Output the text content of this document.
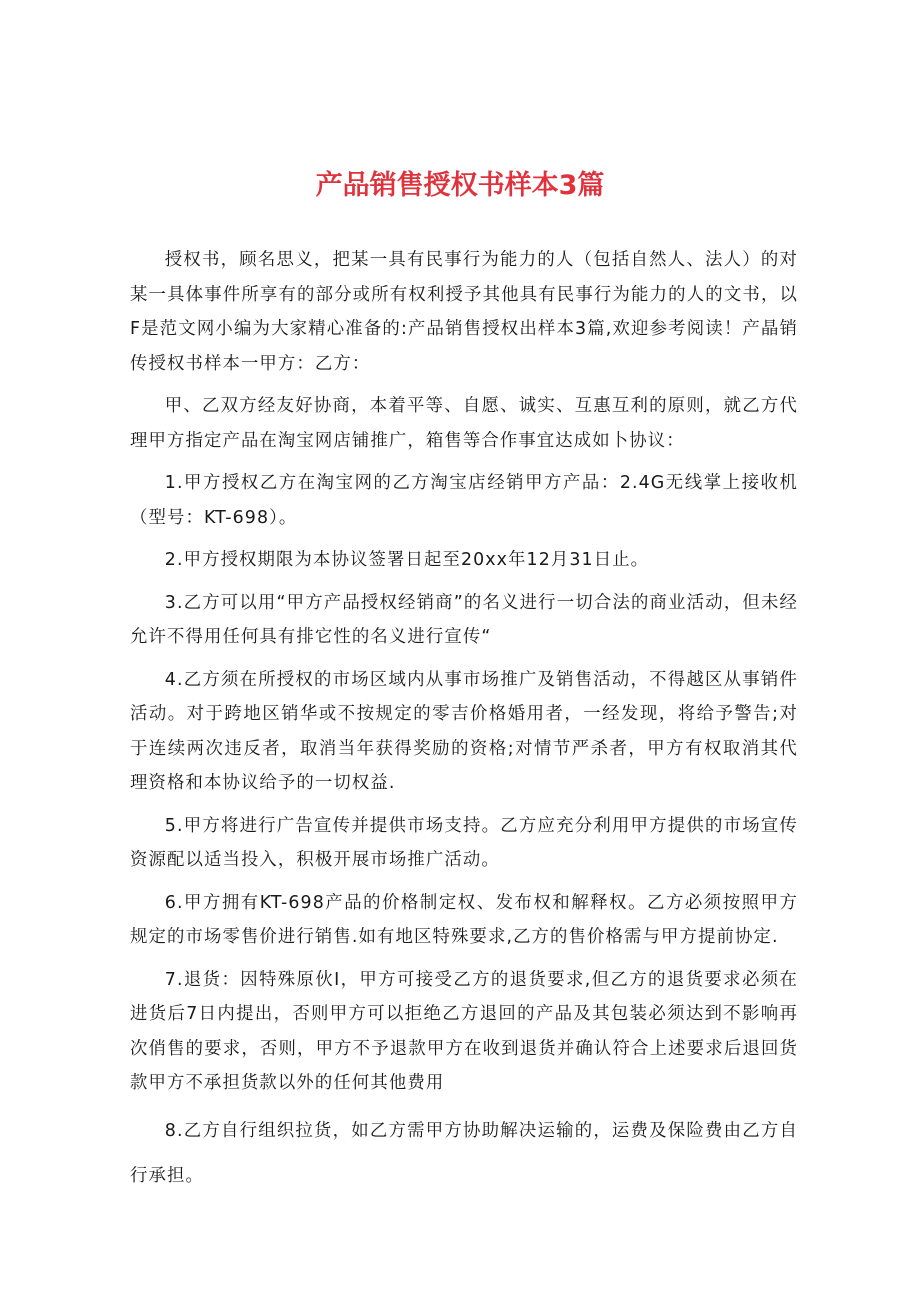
产品销售授权书样本3篇

授权书，顾名思义，把某一具有民事行为能力的人（包括自然人、法人）的对某一具体事件所享有的部分或所有权利授予其他具有民事行为能力的人的文书，以F是范文网小编为大家精心准备的:产品销售授权出样本3篇,欢迎参考阅读！产晶销传授权书样本一甲方：乙方：

甲、乙双方经友好协商，本着平等、自愿、诚实、互惠互利的原则，就乙方代理甲方指定产品在淘宝网店铺推广，箱售等合作事宜达成如卜协议：

1.甲方授权乙方在淘宝网的乙方淘宝店经销甲方产品：2.4G无线掌上接收机（型号：KT-698）。

2.甲方授权期限为本协议签署日起至20xx年12月31日止。

3.乙方可以用“甲方产品授权经销商”的名义进行一切合法的商业活动，但未经允许不得用任何具有排它性的名义进行宣传“

4.乙方须在所授权的市场区域内从事市场推广及销售活动，不得越区从事销件活动。对于跨地区销华或不按规定的零吉价格婚用者，一经发现，将给予警告;对于连续两次违反者，取消当年获得奖励的资格;对情节严杀者，甲方有权取消其代理资格和本协议给予的一切权益.

5.甲方将进行广告宣传并提供市场支持。乙方应充分利用甲方提供的市场宣传资源配以适当投入，积极开展市场推广活动。

6.甲方拥有KT-698产品的价格制定权、发布权和解释权。乙方必须按照甲方规定的市场零售价进行销售.如有地区特殊要求,乙方的售价格需与甲方提前协定.

7.退货：因特殊原伙I，甲方可接受乙方的退货要求,但乙方的退货要求必须在进货后7日内提出，否则甲方可以拒绝乙方退回的产品及其包装必须达到不影响再次俏售的要求，否则，甲方不予退款甲方在收到退货并确认符合上述要求后退回货款甲方不承担货款以外的任何其他费用

8.乙方自行组织拉货，如乙方需甲方协助解决运输的，运费及保险费由乙方自行承担。
